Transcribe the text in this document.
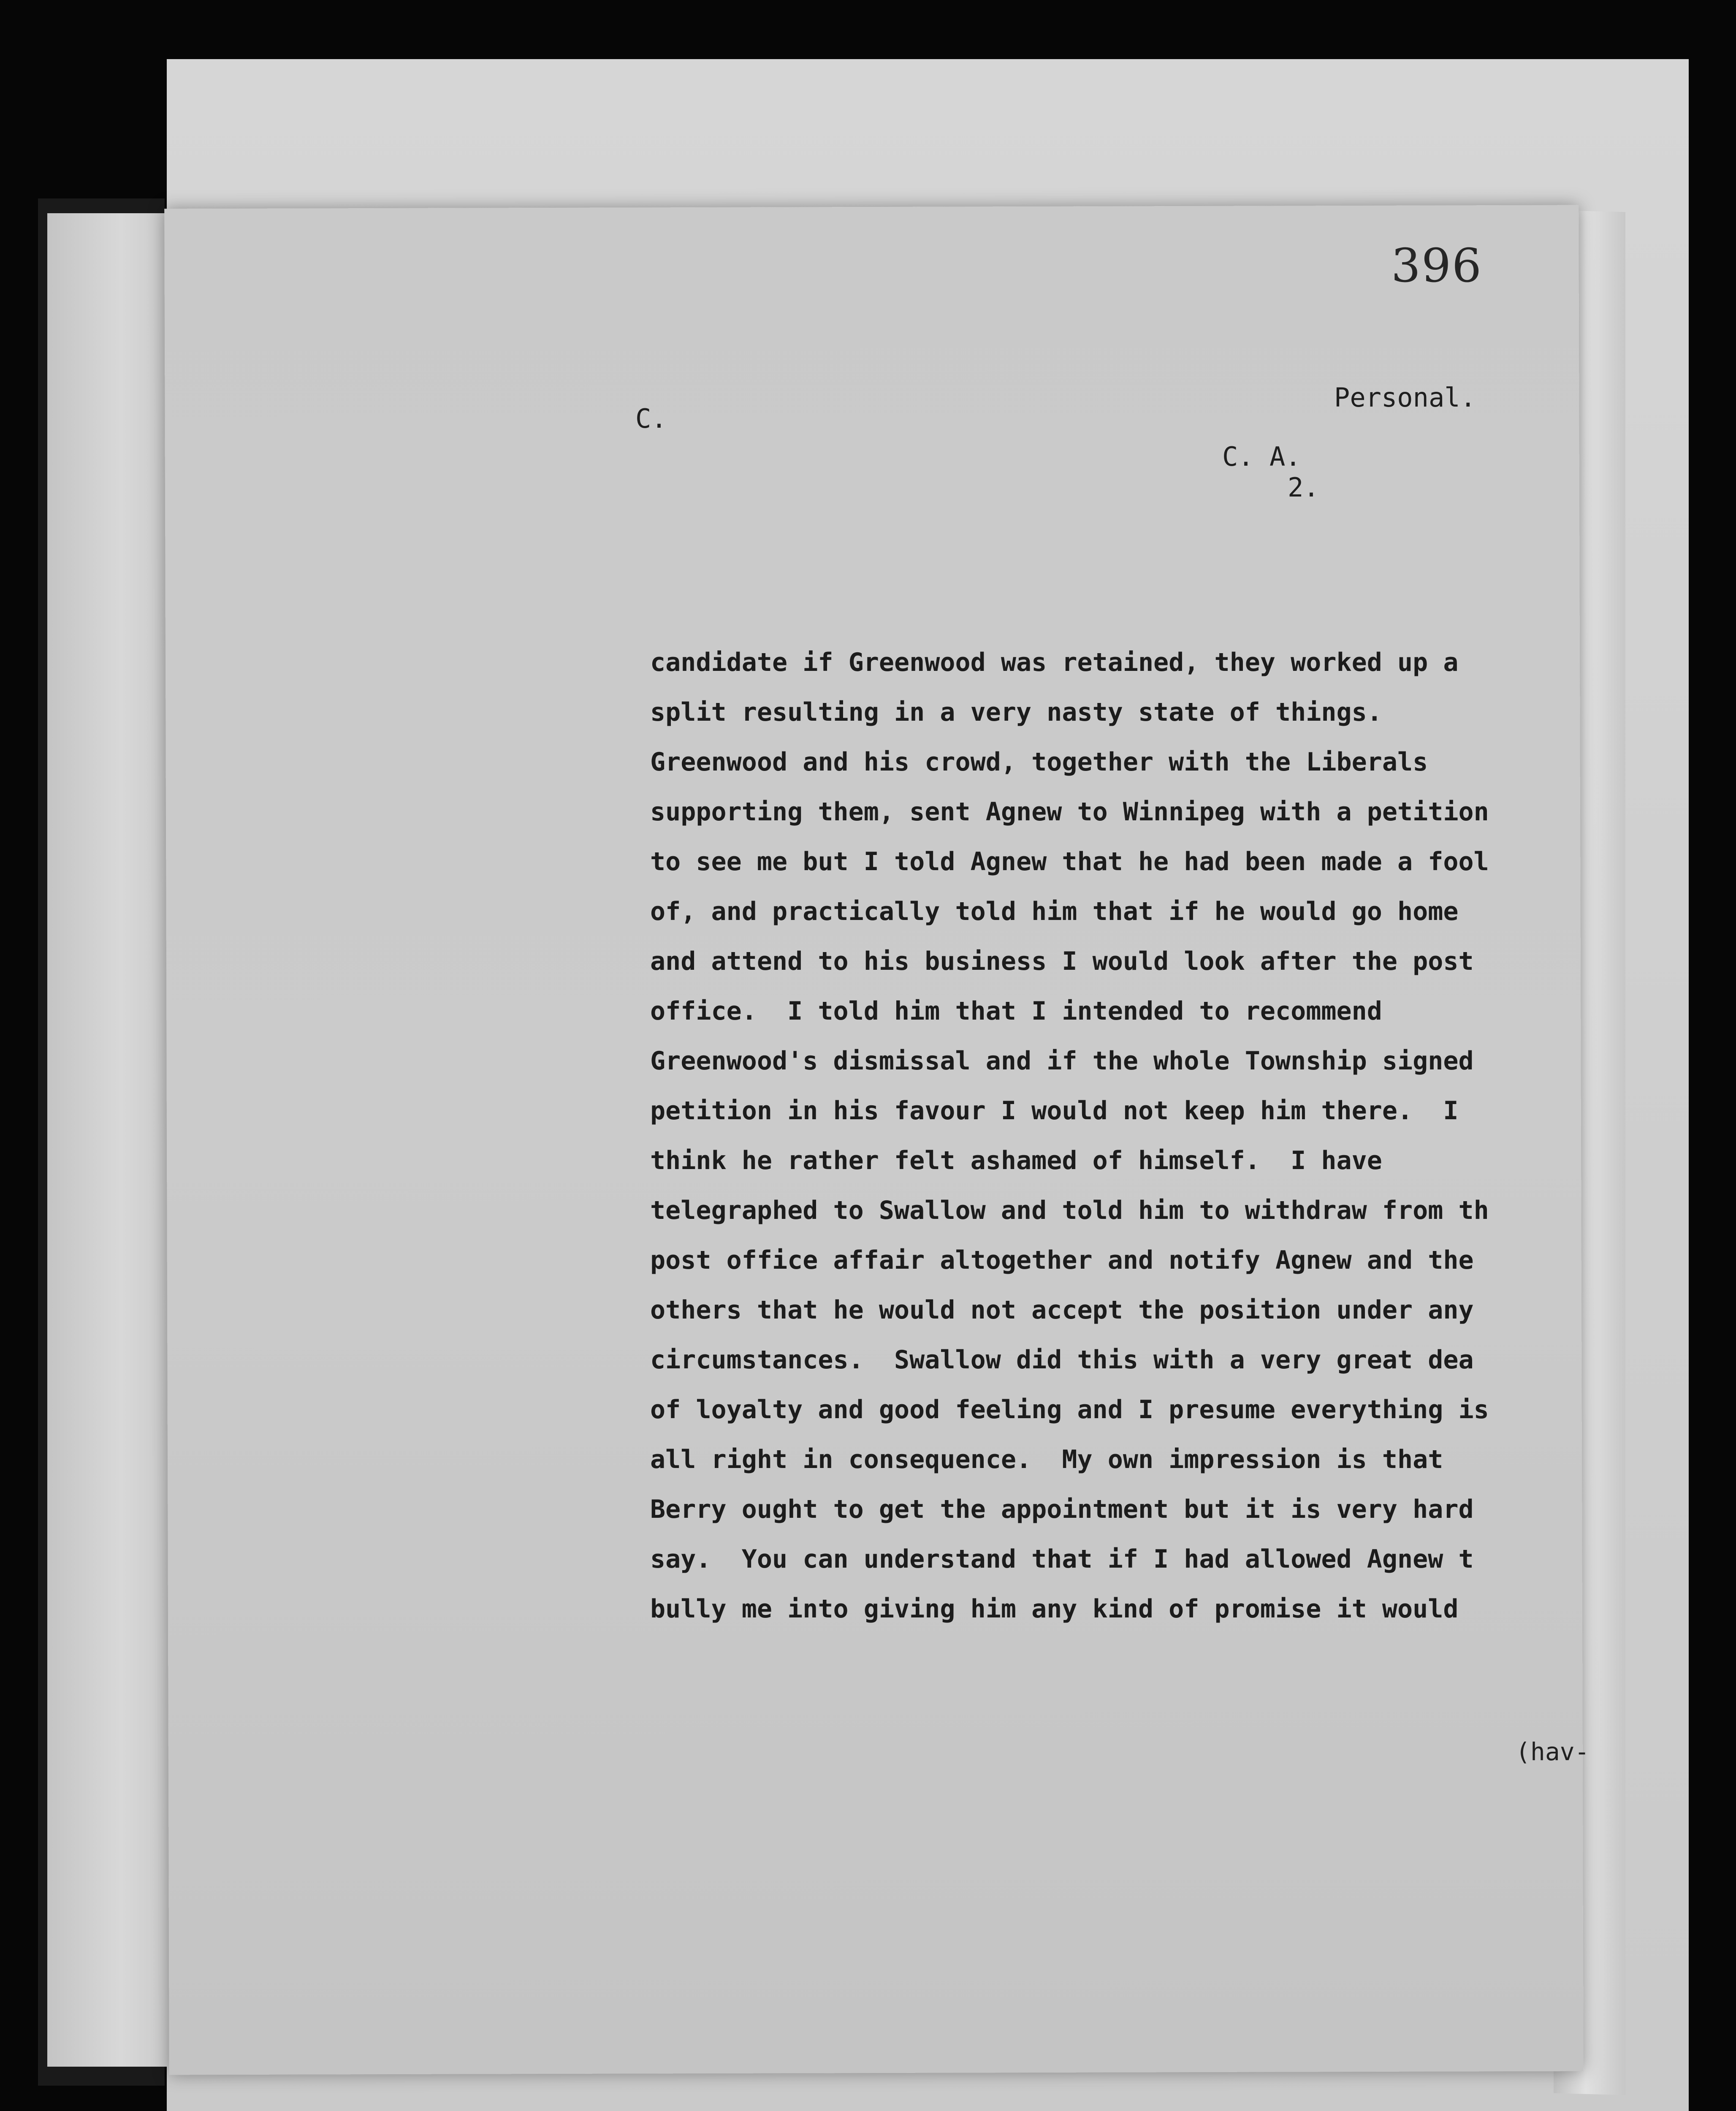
396
Personal.
C.
C. A.
2.
candidate if Greenwood was retained, they worked up a
split resulting in a very nasty state of things.
Greenwood and his crowd, together with the Liberals
supporting them, sent Agnew to Winnipeg with a petition
to see me but I told Agnew that he had been made a fool
of, and practically told him that if he would go home
and attend to his business I would look after the post
office.  I told him that I intended to recommend
Greenwood's dismissal and if the whole Township signed
petition in his favour I would not keep him there.  I
think he rather felt ashamed of himself.  I have
telegraphed to Swallow and told him to withdraw from th
post office affair altogether and notify Agnew and the
others that he would not accept the position under any
circumstances.  Swallow did this with a very great dea
of loyalty and good feeling and I presume everything is
all right in consequence.  My own impression is that
Berry ought to get the appointment but it is very hard
say.  You can understand that if I had allowed Agnew t
bully me into giving him any kind of promise it would
(hav-
